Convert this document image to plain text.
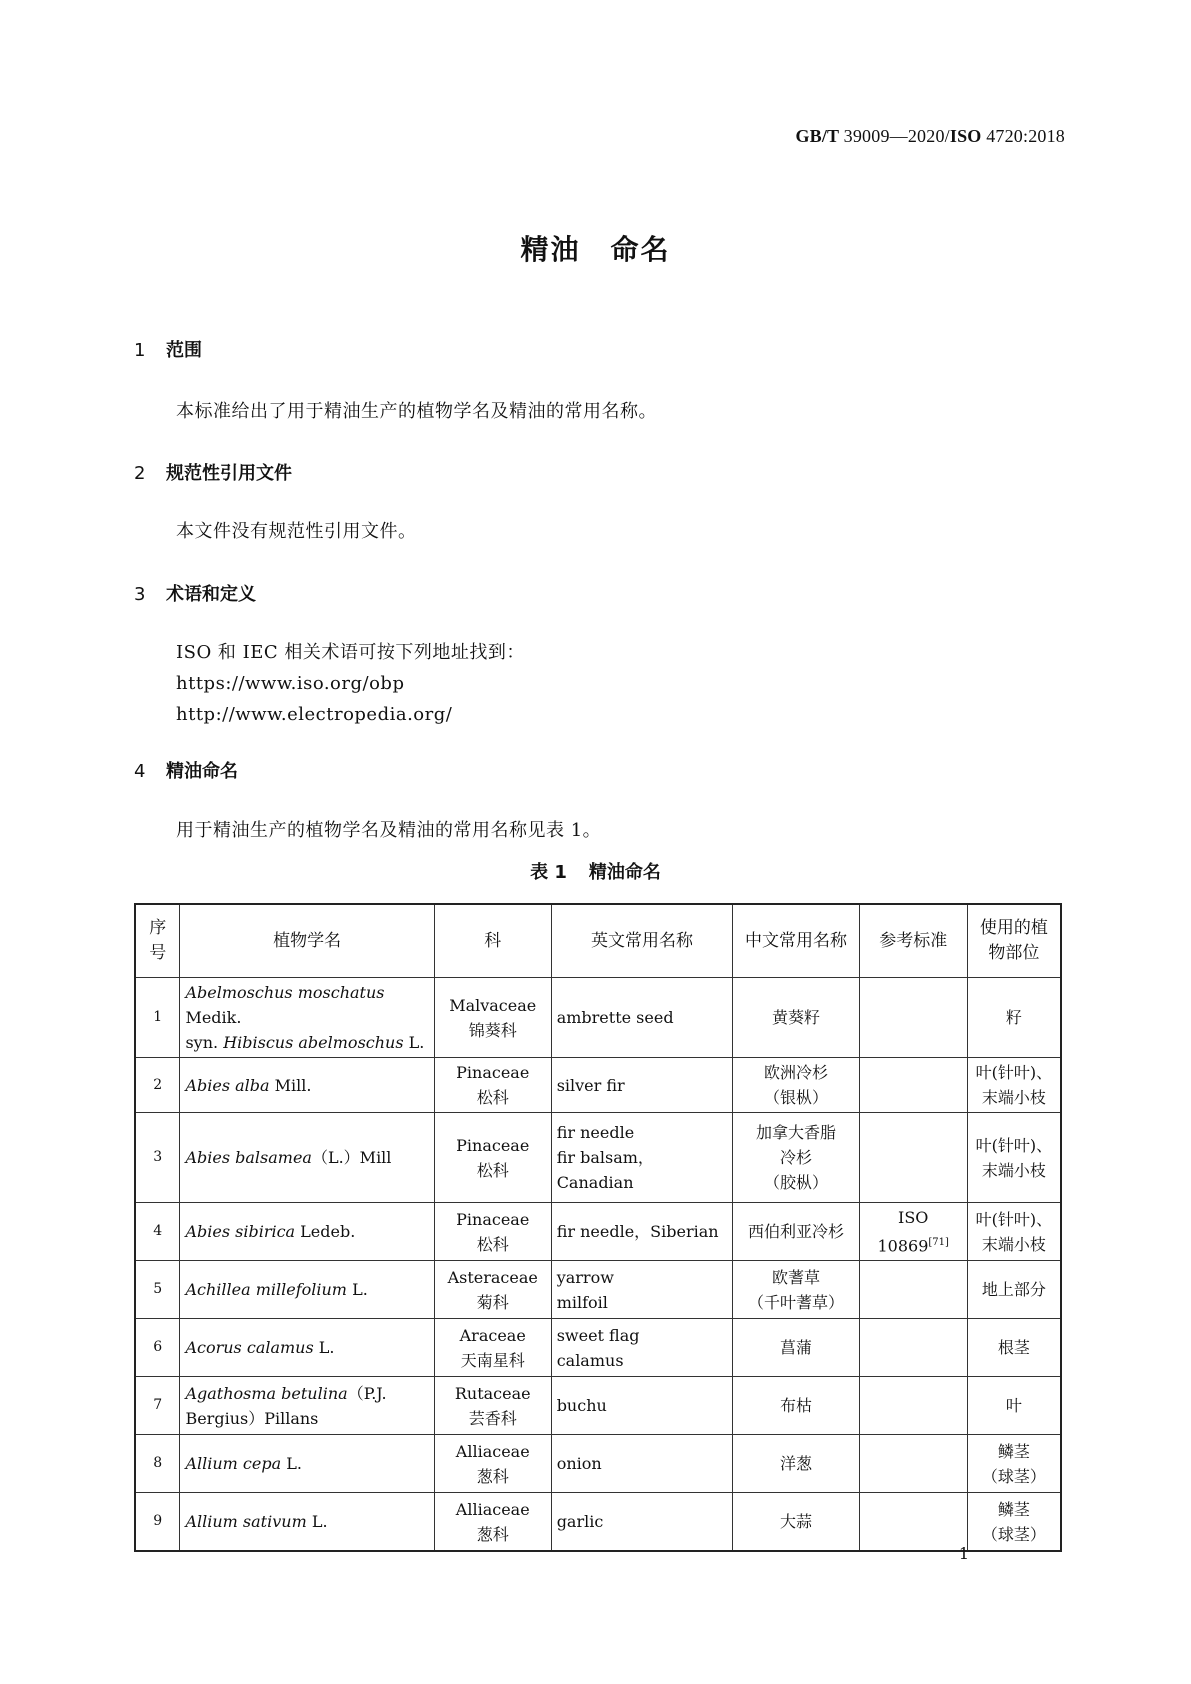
GB/T 39009—2020/ISO 4720:2018
精油　命名
1 范围
本标准给出了用于精油生产的植物学名及精油的常用名称。
2 规范性引用文件
本文件没有规范性引用文件。
3 术语和定义
ISO 和 IEC 相关术语可按下列地址找到：
https://www.iso.org/obp
http://www.electropedia.org/
4 精油命名
用于精油生产的植物学名及精油的常用名称见表 1。
表 1 精油命名
序号	植物学名	科	英文常用名称	中文常用名称	参考标准	使用的植物部位
1	Abelmoschus moschatus Medik.
syn. Hibiscus abelmoschus L.	Malvaceae
锦葵科	ambrette seed	黄葵籽		籽

2	Abies alba Mill.	Pinaceae
松科	silver fir	欧洲冷杉
（银枞）		叶(针叶)、
末端小枝

3	Abies balsamea（L.）Mill	Pinaceae
松科	fir needle
fir balsam，Canadian	加拿大香脂
冷杉
（胶枞）		叶(针叶)、
末端小枝

4	Abies sibirica Ledeb.	Pinaceae
松科	fir needle，Siberian	西伯利亚冷杉	ISO 10869[71]	叶(针叶)、
末端小枝

5	Achillea millefolium L.	Asteraceae
菊科	yarrow
milfoil	欧蓍草
（千叶蓍草）		地上部分

6	Acorus calamus L.	Araceae
天南星科	sweet flag
calamus	菖蒲		根茎

7	Agathosma betulina（P.J.
Bergius）Pillans	Rutaceae
芸香科	buchu	布枯		叶

8	Allium cepa L.	Alliaceae
葱科	onion	洋葱		鳞茎
（球茎）

9	Allium sativum L.	Alliaceae
葱科	garlic	大蒜		鳞茎
（球茎）
1
